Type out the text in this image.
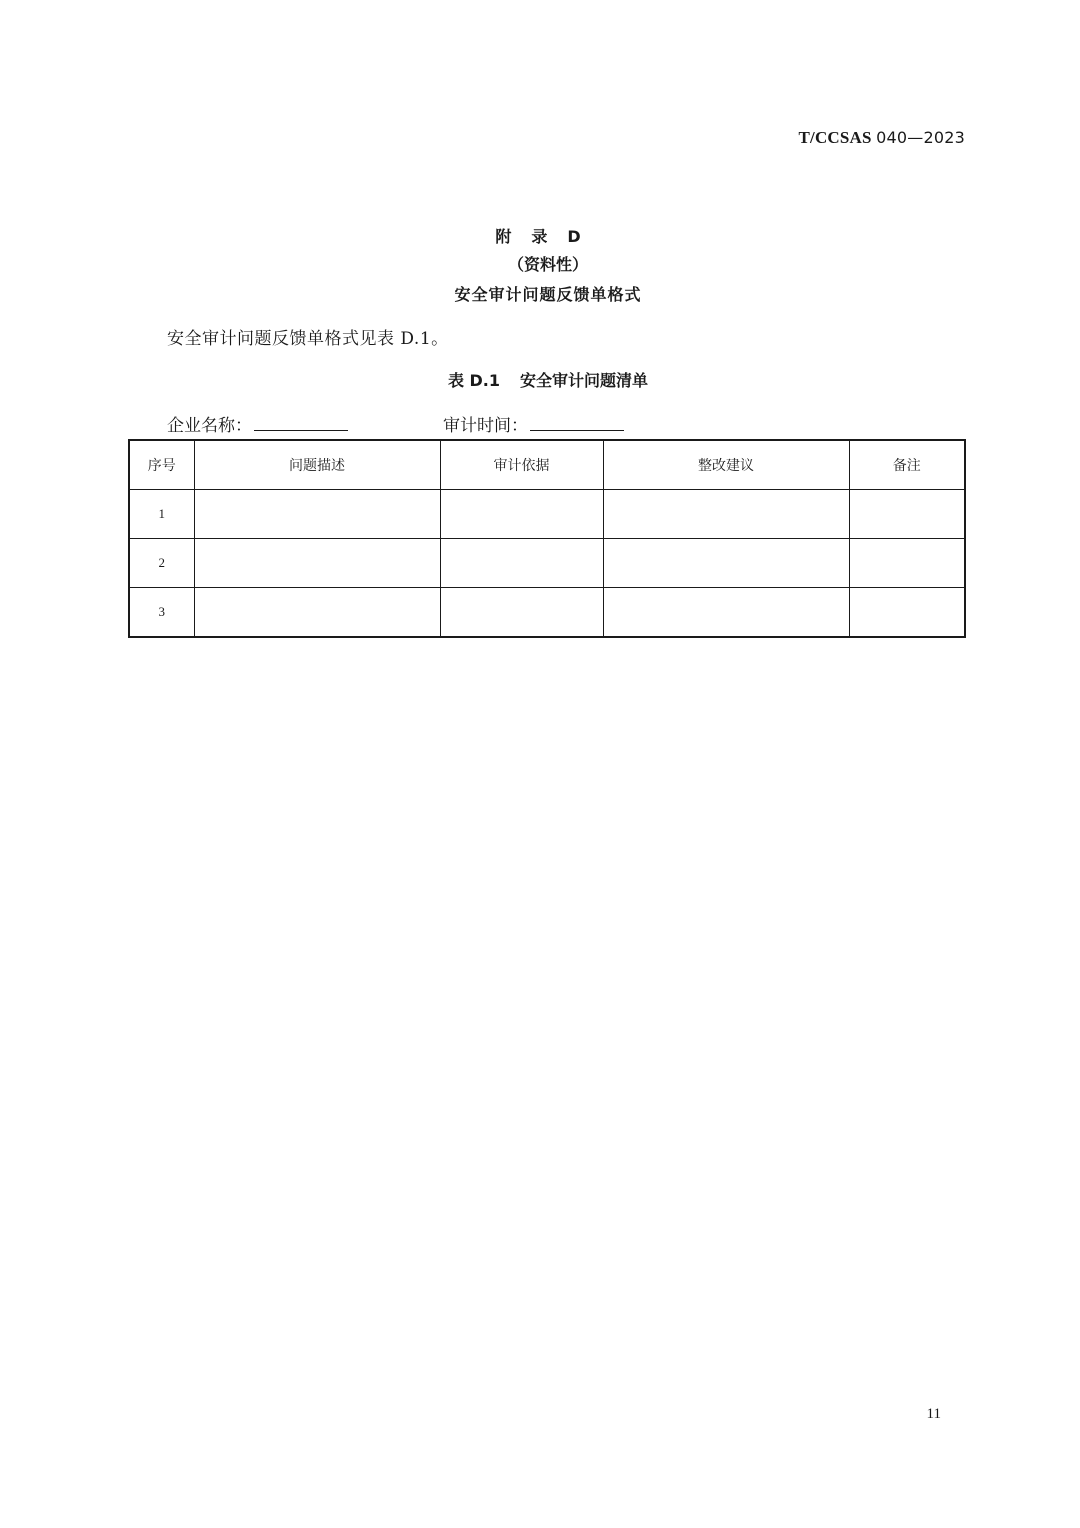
T/CCSAS 040—2023
附录D
（资料性）
安全审计问题反馈单格式
安全审计问题反馈单格式见表 D.1。
表 D.1 安全审计问题清单
企业名称：	审计时间：
序号	问题描述	审计依据	整改建议	备注
1				
2				
3				
11
